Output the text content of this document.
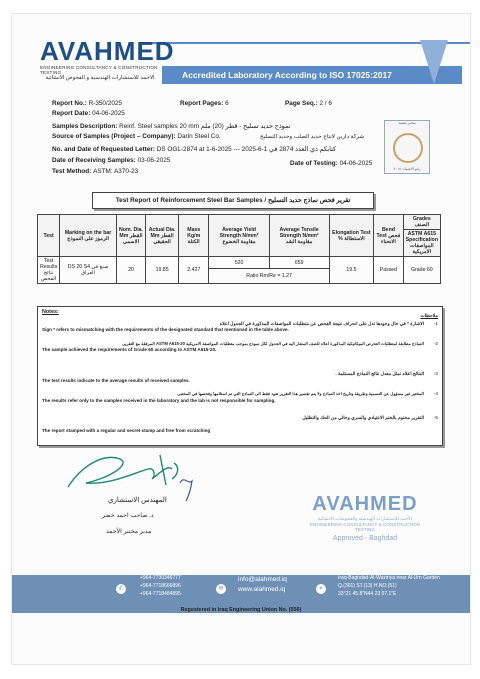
AVAHMED
ENGINEERING CONSULTANCY & CONSTRUCTION TESTING
الاحمد للاستشارات الهندسية و الفحوص الانشائية	Accredited Laboratory According to ISO 17025:2017
Report No.: R-350/2025	Report Pages: 6	Page Seq.: 2 / 6
Report Date: 04-06-2025
Samples Description: Reinf. Steel samples 20 mm نموذج حديد تسليح - قطر (20) ملم
Source of Samples (Project – Company): Darin Steel Co.
No. and Date of Requested Letter: DS OGL-2874 at 1-6-2025 --- 2025-6-1 كتابكم ذي العدد 2874 في
Date of Receiving Samples: 03-06-2025	Date of Testing: 04-06-2025
Test Method: ASTM: A370-23
شركة دارين لانتاج حديد الصلب وحديد التسليح
مختبر معتمد
رقم الاعتماد: ٢٠١٧
Test Report of Reinforcement Steel Bar Samples / تقرير فحص نماذج حديد التسليح
Test	Marking on the bar الرموز على النموذج	Nom. Dia. Mm القطر الاسمي	Actual Dia. Mm القطر الحقيقي	Mass Kg/m الكتلة	Average Yield Strength N/mm² مقاومة الخضوع	Average Tensile Strength N/mm² مقاومة الشد	Elongation Test % الاستطالة	Bend Test فحص الانحناء	Grades الصنف
									ASTM A615 Specification المواصفات الامريكية
Test Results نتائج الفحص	DS 20 S4 صنع في العراق	20	19.85	2.427	520	659	19.5	Passed	Grade 60
					Ratio Rm/Re = 1.27				
Notes:
ملاحظات
-1
الاشارة * في حال وجودها تدل على انحراف نتيجة الفحص عن متطلبات المواصفات المذكورة في الجدول اعلاه
Sign * refers to mismatching with the requirements of the designated standard that mentioned in the table above.
-2
النماذج مطابقة لمتطلبات التحرص الميكانيكية المذكورة اعلاه للصف المشار اليه في الجدول لكل نموذج بموجب متطلبات المواصفة الامريكية ASTM A615-20 المرفقة مع التقرير.
The sample achieved the requirements of Grade 60 according to ASTM A615-20.
-3
النتائج اعلاه تمثل معدل نتائج النماذج المستلمة .
The test results indicate to the average results of received samples.
-4
المختبر غير مسؤول عن التسمية وطريقة وتاريخ اخذ النماذج ولا يتم تفسير هذا التقرير تعود فقط الى النماذج التي تم استلامها وفحصها في المختبر.
The results refer only to the samples received in the laboratory and the lab is not responsible for sampling.
-5
التقرير مختوم بالختم الاعتيادي والسري وخالي من الحك والتظليل
The report stamped with a regular and secret stamp and free from scratching
المهندس الاستشاري
د. صاحب احمد خضر
مدير مختبر الأحمد
AVAHMED
الأحمد للاستشارات الهندسية والفحوصات الانشائية
ENGINEERING CONSULTANCY & CONSTRUCTION TESTING
Approved - Baghdad
✆
+964-7730346777
+964-7718666896
+964-7718484895
✉
info@alahmed.iq
www.alahmed.iq	⌖
Iraq-Baghdad-Al-Waziriya near Al-Urn Garden
Q.(301) ST.(13) H.NO.(51)
33°21 45.8"N44 23 07.1"E
Regestered in Iraq Engineering Union No. (556)
